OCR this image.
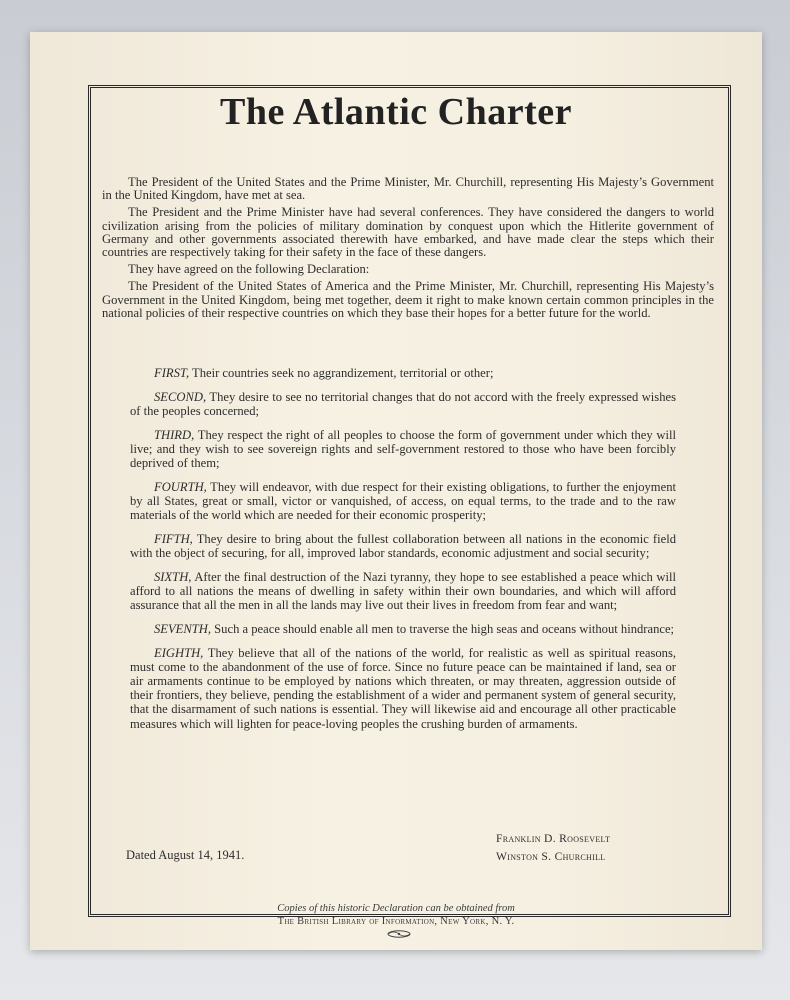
The Atlantic Charter

The President of the United States and the Prime Minister, Mr. Churchill, representing His Majesty’s Government in the United Kingdom, have met at sea.

The President and the Prime Minister have had several conferences. They have considered the dangers to world civilization arising from the policies of military domination by conquest upon which the Hitlerite government of Germany and other governments associated therewith have embarked, and have made clear the steps which their countries are respectively taking for their safety in the face of these dangers.

They have agreed on the following Declaration:

The President of the United States of America and the Prime Minister, Mr. Churchill, representing His Majesty’s Government in the United Kingdom, being met together, deem it right to make known certain common principles in the national policies of their respective countries on which they base their hopes for a better future for the world.

FIRST, Their countries seek no aggrandizement, territorial or other;

SECOND, They desire to see no territorial changes that do not accord with the freely expressed wishes of the peoples concerned;

THIRD, They respect the right of all peoples to choose the form of government under which they will live; and they wish to see sovereign rights and self-government restored to those who have been forcibly deprived of them;

FOURTH, They will endeavor, with due respect for their existing obligations, to further the enjoyment by all States, great or small, victor or vanquished, of access, on equal terms, to the trade and to the raw materials of the world which are needed for their economic prosperity;

FIFTH, They desire to bring about the fullest collaboration between all nations in the economic field with the object of securing, for all, improved labor standards, economic adjustment and social security;

SIXTH, After the final destruction of the Nazi tyranny, they hope to see established a peace which will afford to all nations the means of dwelling in safety within their own boundaries, and which will afford assurance that all the men in all the lands may live out their lives in freedom from fear and want;

SEVENTH, Such a peace should enable all men to traverse the high seas and oceans without hindrance;

EIGHTH, They believe that all of the nations of the world, for realistic as well as spiritual reasons, must come to the abandonment of the use of force. Since no future peace can be maintained if land, sea or air armaments continue to be employed by nations which threaten, or may threaten, aggression outside of their frontiers, they believe, pending the establishment of a wider and permanent system of general security, that the disarmament of such nations is essential. They will likewise aid and encourage all other practicable measures which will lighten for peace-loving peoples the crushing burden of armaments.

Dated August 14, 1941.
Franklin D. Roosevelt
Winston S. Churchill
Copies of this historic Declaration can be obtained from
The British Library of Information, New York, N. Y.
